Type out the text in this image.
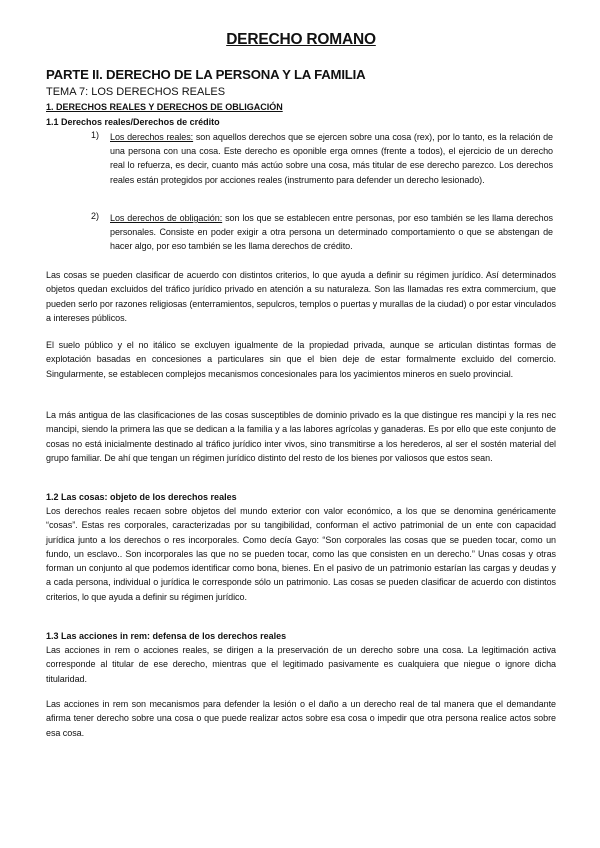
DERECHO ROMANO
PARTE II. DERECHO DE LA PERSONA Y LA FAMILIA
TEMA 7: LOS DERECHOS REALES
1. DERECHOS REALES Y DERECHOS DE OBLIGACIÓN
1.1 Derechos reales/Derechos de crédito
1) Los derechos reales: son aquellos derechos que se ejercen sobre una cosa (rex), por lo tanto, es la relación de una persona con una cosa. Este derecho es oponible erga omnes (frente a todos), el ejercicio de un derecho real lo refuerza, es decir, cuanto más actúo sobre una cosa, más titular de ese derecho parezco. Los derechos reales están protegidos por acciones reales (instrumento para defender un derecho lesionado).
2) Los derechos de obligación: son los que se establecen entre personas, por eso también se les llama derechos personales. Consiste en poder exigir a otra persona un determinado comportamiento o que se abstengan de hacer algo, por eso también se les llama derechos de crédito.
Las cosas se pueden clasificar de acuerdo con distintos criterios, lo que ayuda a definir su régimen jurídico. Así determinados objetos quedan excluidos del tráfico jurídico privado en atención a su naturaleza. Son las llamadas res extra commercium, que pueden serlo por razones religiosas (enterramientos, sepulcros, templos o puertas y murallas de la ciudad) o por estar vinculados a intereses públicos.
El suelo público y el no itálico se excluyen igualmente de la propiedad privada, aunque se articulan distintas formas de explotación basadas en concesiones a particulares sin que el bien deje de estar formalmente excluido del comercio. Singularmente, se establecen complejos mecanismos concesionales para los yacimientos mineros en suelo provincial.
La más antigua de las clasificaciones de las cosas susceptibles de dominio privado es la que distingue res mancipi y la res nec mancipi, siendo la primera las que se dedican a la familia y a las labores agrícolas y ganaderas. Es por ello que este conjunto de cosas no está inicialmente destinado al tráfico jurídico inter vivos, sino transmitirse a los herederos, al ser el sostén material del grupo familiar. De ahí que tengan un régimen jurídico distinto del resto de los bienes por valiosos que estos sean.
1.2 Las cosas: objeto de los derechos reales
Los derechos reales recaen sobre objetos del mundo exterior con valor económico, a los que se denomina genéricamente “cosas”. Estas res corporales, caracterizadas por su tangibilidad, conforman el activo patrimonial de un ente con capacidad jurídica junto a los derechos o res incorporales. Como decía Gayo: “Son corporales las cosas que se pueden tocar, como un fundo, un esclavo.. Son incorporales las que no se pueden tocar, como las que consisten en un derecho.” Unas cosas y otras forman un conjunto al que podemos identificar como bona, bienes. En el pasivo de un patrimonio estarían las cargas y deudas y a cada persona, individual o jurídica le corresponde sólo un patrimonio. Las cosas se pueden clasificar de acuerdo con distintos criterios, lo que ayuda a definir su régimen jurídico.
1.3 Las acciones in rem: defensa de los derechos reales
Las acciones in rem o acciones reales, se dirigen a la preservación de un derecho sobre una cosa. La legitimación activa corresponde al titular de ese derecho, mientras que el legitimado pasivamente es cualquiera que niegue o ignore dicha titularidad.
Las acciones in rem son mecanismos para defender la lesión o el daño a un derecho real de tal manera que el demandante afirma tener derecho sobre una cosa o que puede realizar actos sobre esa cosa o impedir que otra persona realice actos sobre esa cosa.
